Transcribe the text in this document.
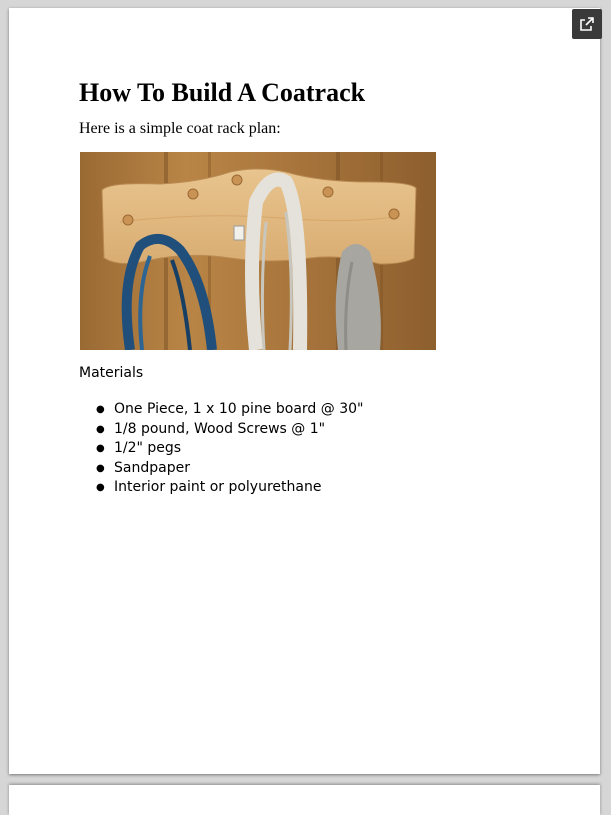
How To Build A Coatrack

Here is a simple coat rack plan:

Materials

● One Piece, 1 x 10 pine board @ 30"
● 1/8 pound, Wood Screws @ 1"
● 1/2" pegs
● Sandpaper
● Interior paint or polyurethane
